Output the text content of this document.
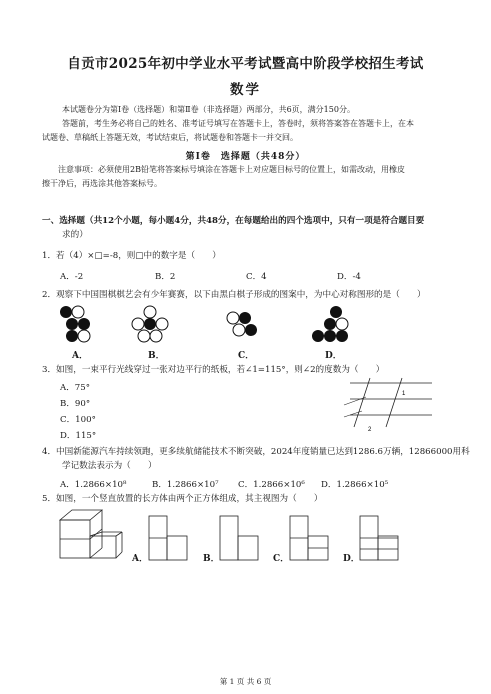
自贡市2025年初中学业水平考试暨高中阶段学校招生考试
数学
本试题卷分为第Ⅰ卷（选择题）和第Ⅱ卷（非选择题）两部分，共6页，满分150分。
答题前，考生务必将自己的姓名、准考证号填写在答题卡上，答卷时，须将答案答在答题卡上，在本
试题卷、草稿纸上答题无效，考试结束后，将试题卷和答题卡一并交回。
第Ⅰ卷　选择题（共48分）
注意事项：必须使用2B铅笔将答案标号填涂在答题卡上对应题目标号的位置上，如需改动，用橡皮
擦干净后，再选涂其他答案标号。
一、选择题（共12个小题，每小题4分，共48分，在每题给出的四个选项中，只有一项是符合题目要
求的）
1．若（4）×□=-8，则□中的数字是（　　）
A．-2	B．2	C．4	D．-4
2．观察下中国围棋棋艺会有少年赛赛，以下由黑白棋子形成的图案中，为中心对称图形的是（　　）
A．	B．	C．	D．
3．如图，一束平行光线穿过一张对边平行的纸板，若∠1=115°，则∠2的度数为（　　）
A．75°
B．90°
C．100°
D．115°
1
2
4．中国新能源汽车持续领跑，更多续航储能技术不断突破，2024年度销量已达到1286.6万辆，12866000用科
学记数法表示为（　　）
A．1.2866×10⁸	B．1.2866×10⁷ C．1.2866×10⁶ D．1.2866×10⁵
5．如图，一个竖直放置的长方体由两个正方体组成，其主视图为（　　）
A．	B．	C．	D．
第 1 页 共 6 页
